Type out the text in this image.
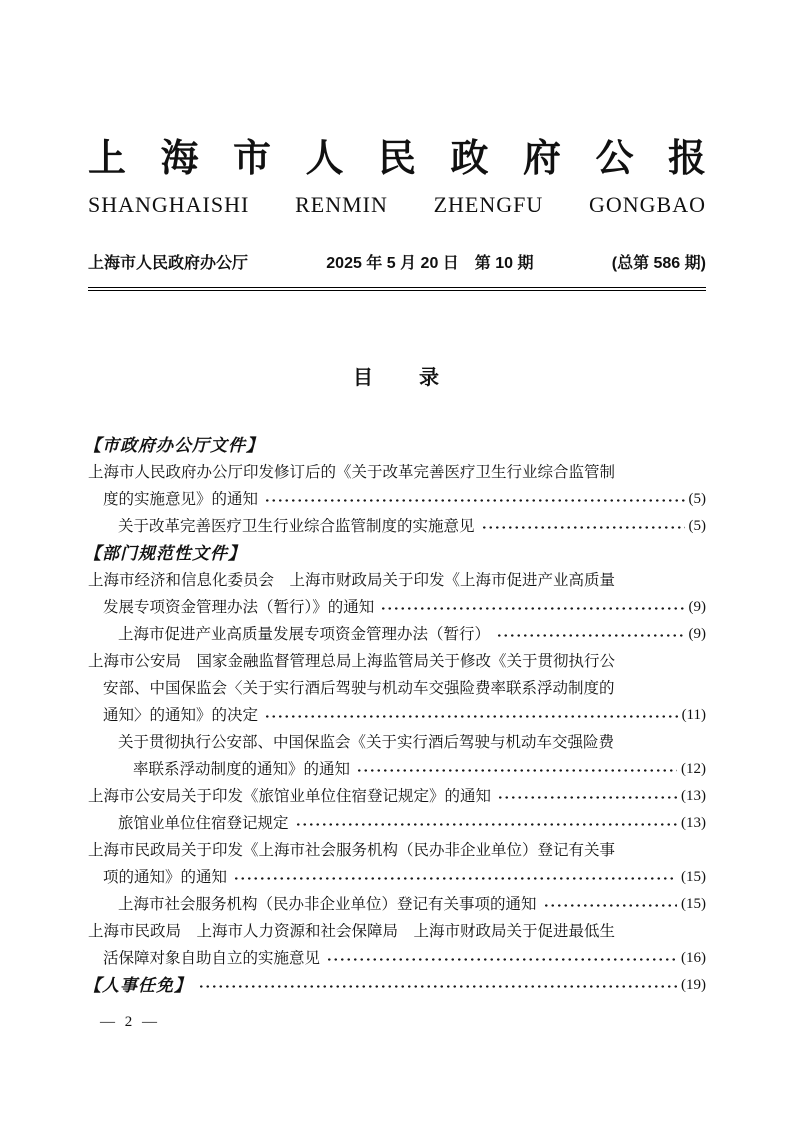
上海市人民政府公报
SHANGHAISHI RENMIN ZHENGFU GONGBAO
上海市人民政府办公厅	2025 年 5 月 20 日　第 10 期	(总第 586 期)
目　　录
【市政府办公厅文件】
上海市人民政府办公厅印发修订后的《关于改革完善医疗卫生行业综合监管制
度的实施意见》的通知	(5)
关于改革完善医疗卫生行业综合监管制度的实施意见	(5)
【部门规范性文件】
上海市经济和信息化委员会　上海市财政局关于印发《上海市促进产业高质量
发展专项资金管理办法（暂行）》的通知	(9)
上海市促进产业高质量发展专项资金管理办法（暂行）	(9)
上海市公安局　国家金融监督管理总局上海监管局关于修改《关于贯彻执行公
安部、中国保监会〈关于实行酒后驾驶与机动车交强险费率联系浮动制度的
通知〉的通知》的决定	(11)
关于贯彻执行公安部、中国保监会《关于实行酒后驾驶与机动车交强险费
率联系浮动制度的通知》的通知	(12)
上海市公安局关于印发《旅馆业单位住宿登记规定》的通知	(13)
旅馆业单位住宿登记规定	(13)
上海市民政局关于印发《上海市社会服务机构（民办非企业单位）登记有关事
项的通知》的通知	(15)
上海市社会服务机构（民办非企业单位）登记有关事项的通知	(15)
上海市民政局　上海市人力资源和社会保障局　上海市财政局关于促进最低生
活保障对象自助自立的实施意见	(16)
【人事任免】	(19)
— 2 —
